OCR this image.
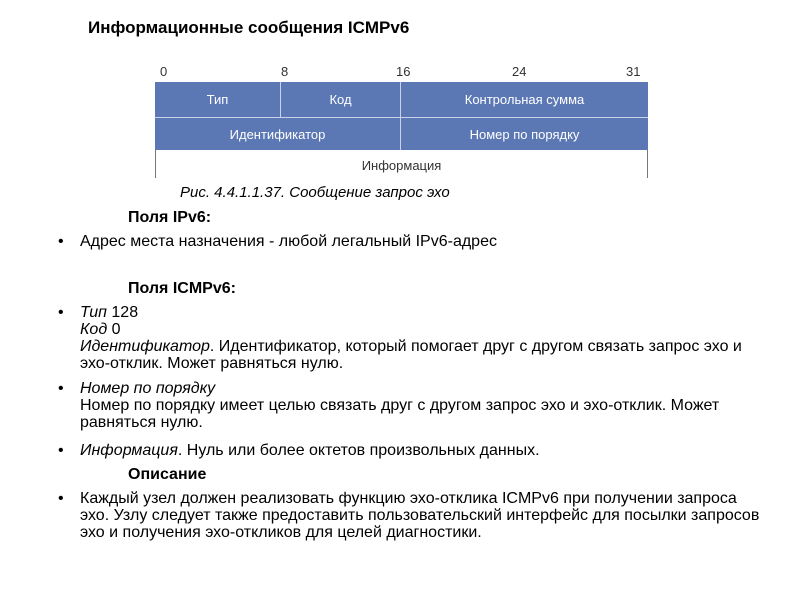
Информационные сообщения ICMPv6
0	8	16	24	31
Тип	Код	Контрольная сумма
Идентификатор	Номер по порядку
Информация
Рис. 4.4.1.1.37. Сообщение запрос эхо
Поля IPv6:
• Адрес места назначения - любой легальный IPv6-адрес
Поля ICMPv6:
• Тип 128
Код 0
Идентификатор. Идентификатор, который помогает друг с другом связать запрос эхо и эхо-отклик. Может равняться нулю.
• Номер по порядку
Номер по порядку имеет целью связать друг с другом запрос эхо и эхо-отклик. Может равняться нулю.
• Информация. Нуль или более октетов произвольных данных.
Описание
• Каждый узел должен реализовать функцию эхо-отклика ICMPv6 при получении запроса эхо. Узлу следует также предоставить пользовательский интерфейс для посылки запросов эхо и получения эхо-откликов для целей диагностики.
